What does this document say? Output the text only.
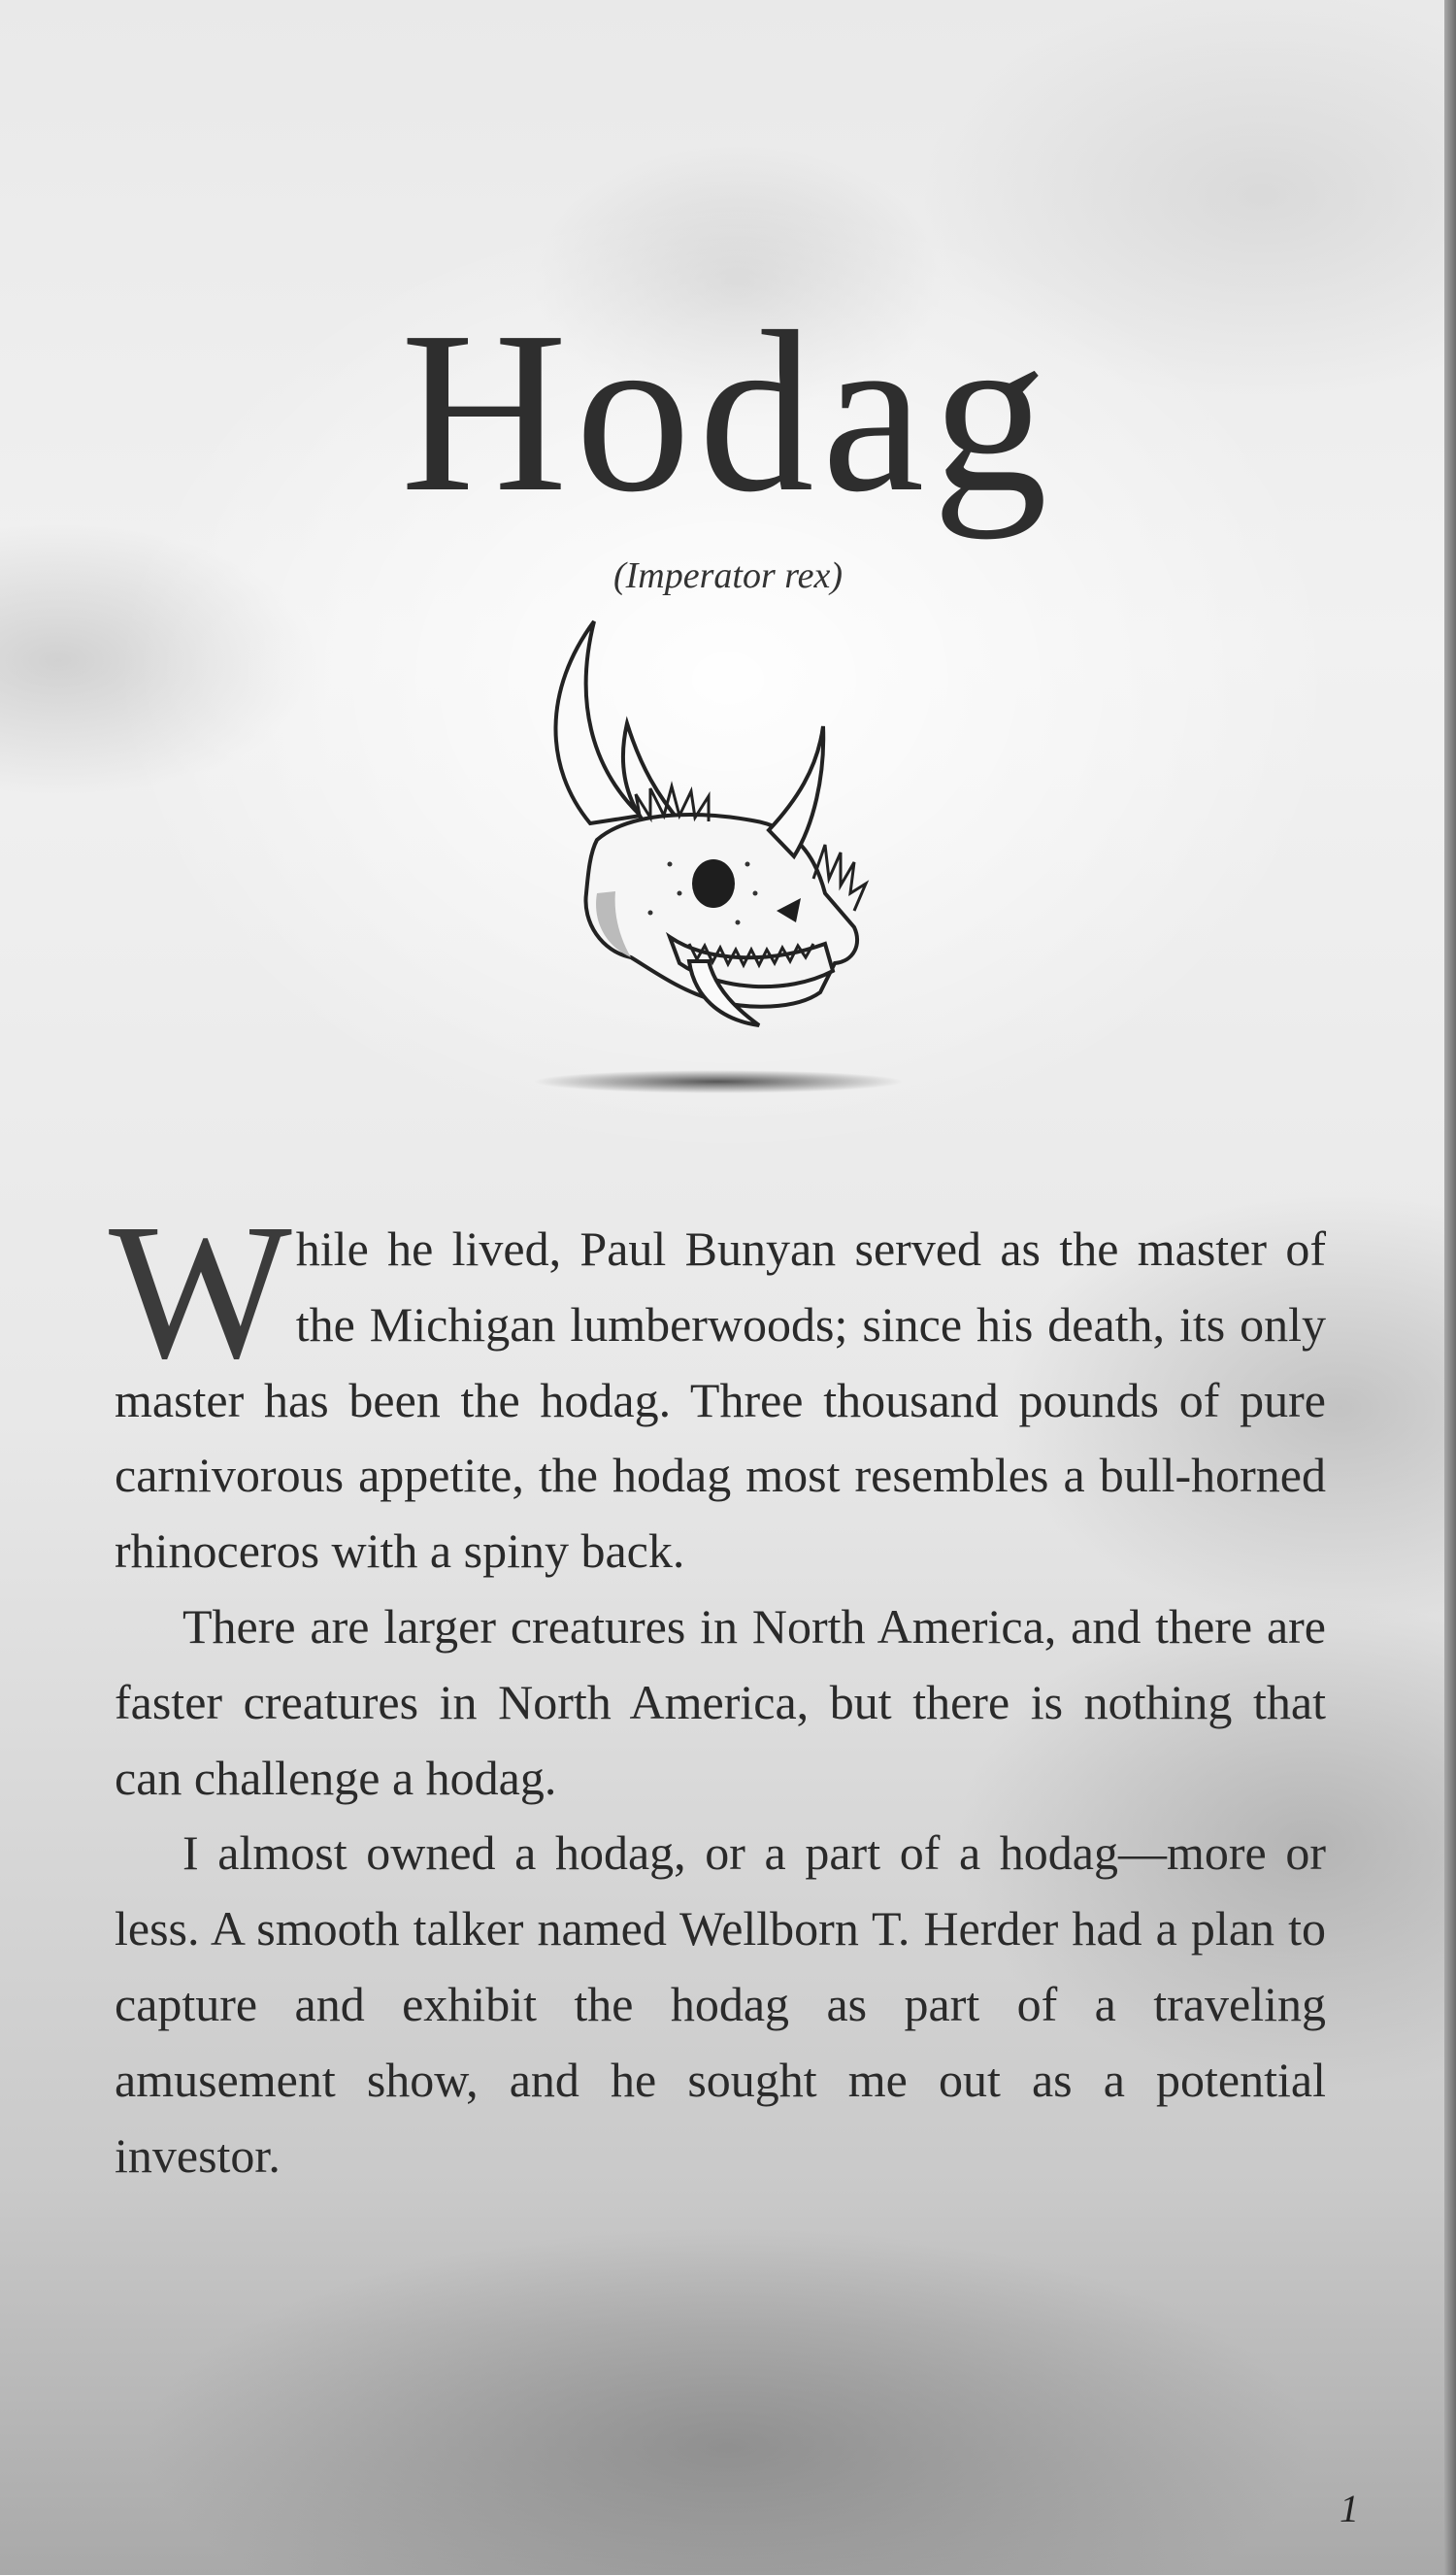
Hodag
(Imperator rex)

While he lived, Paul Bunyan served as the master of the Michigan lumberwoods; since his death, its only master has been the hodag. Three thousand pounds of pure carnivorous appetite, the hodag most resembles a bull-horned rhinoceros with a spiny back.

There are larger creatures in North America, and there are faster creatures in North America, but there is nothing that can challenge a hodag.

I almost owned a hodag, or a part of a hodag—more or less. A smooth talker named Wellborn T. Herder had a plan to capture and exhibit the hodag as part of a traveling amusement show, and he sought me out as a potential investor.

1
